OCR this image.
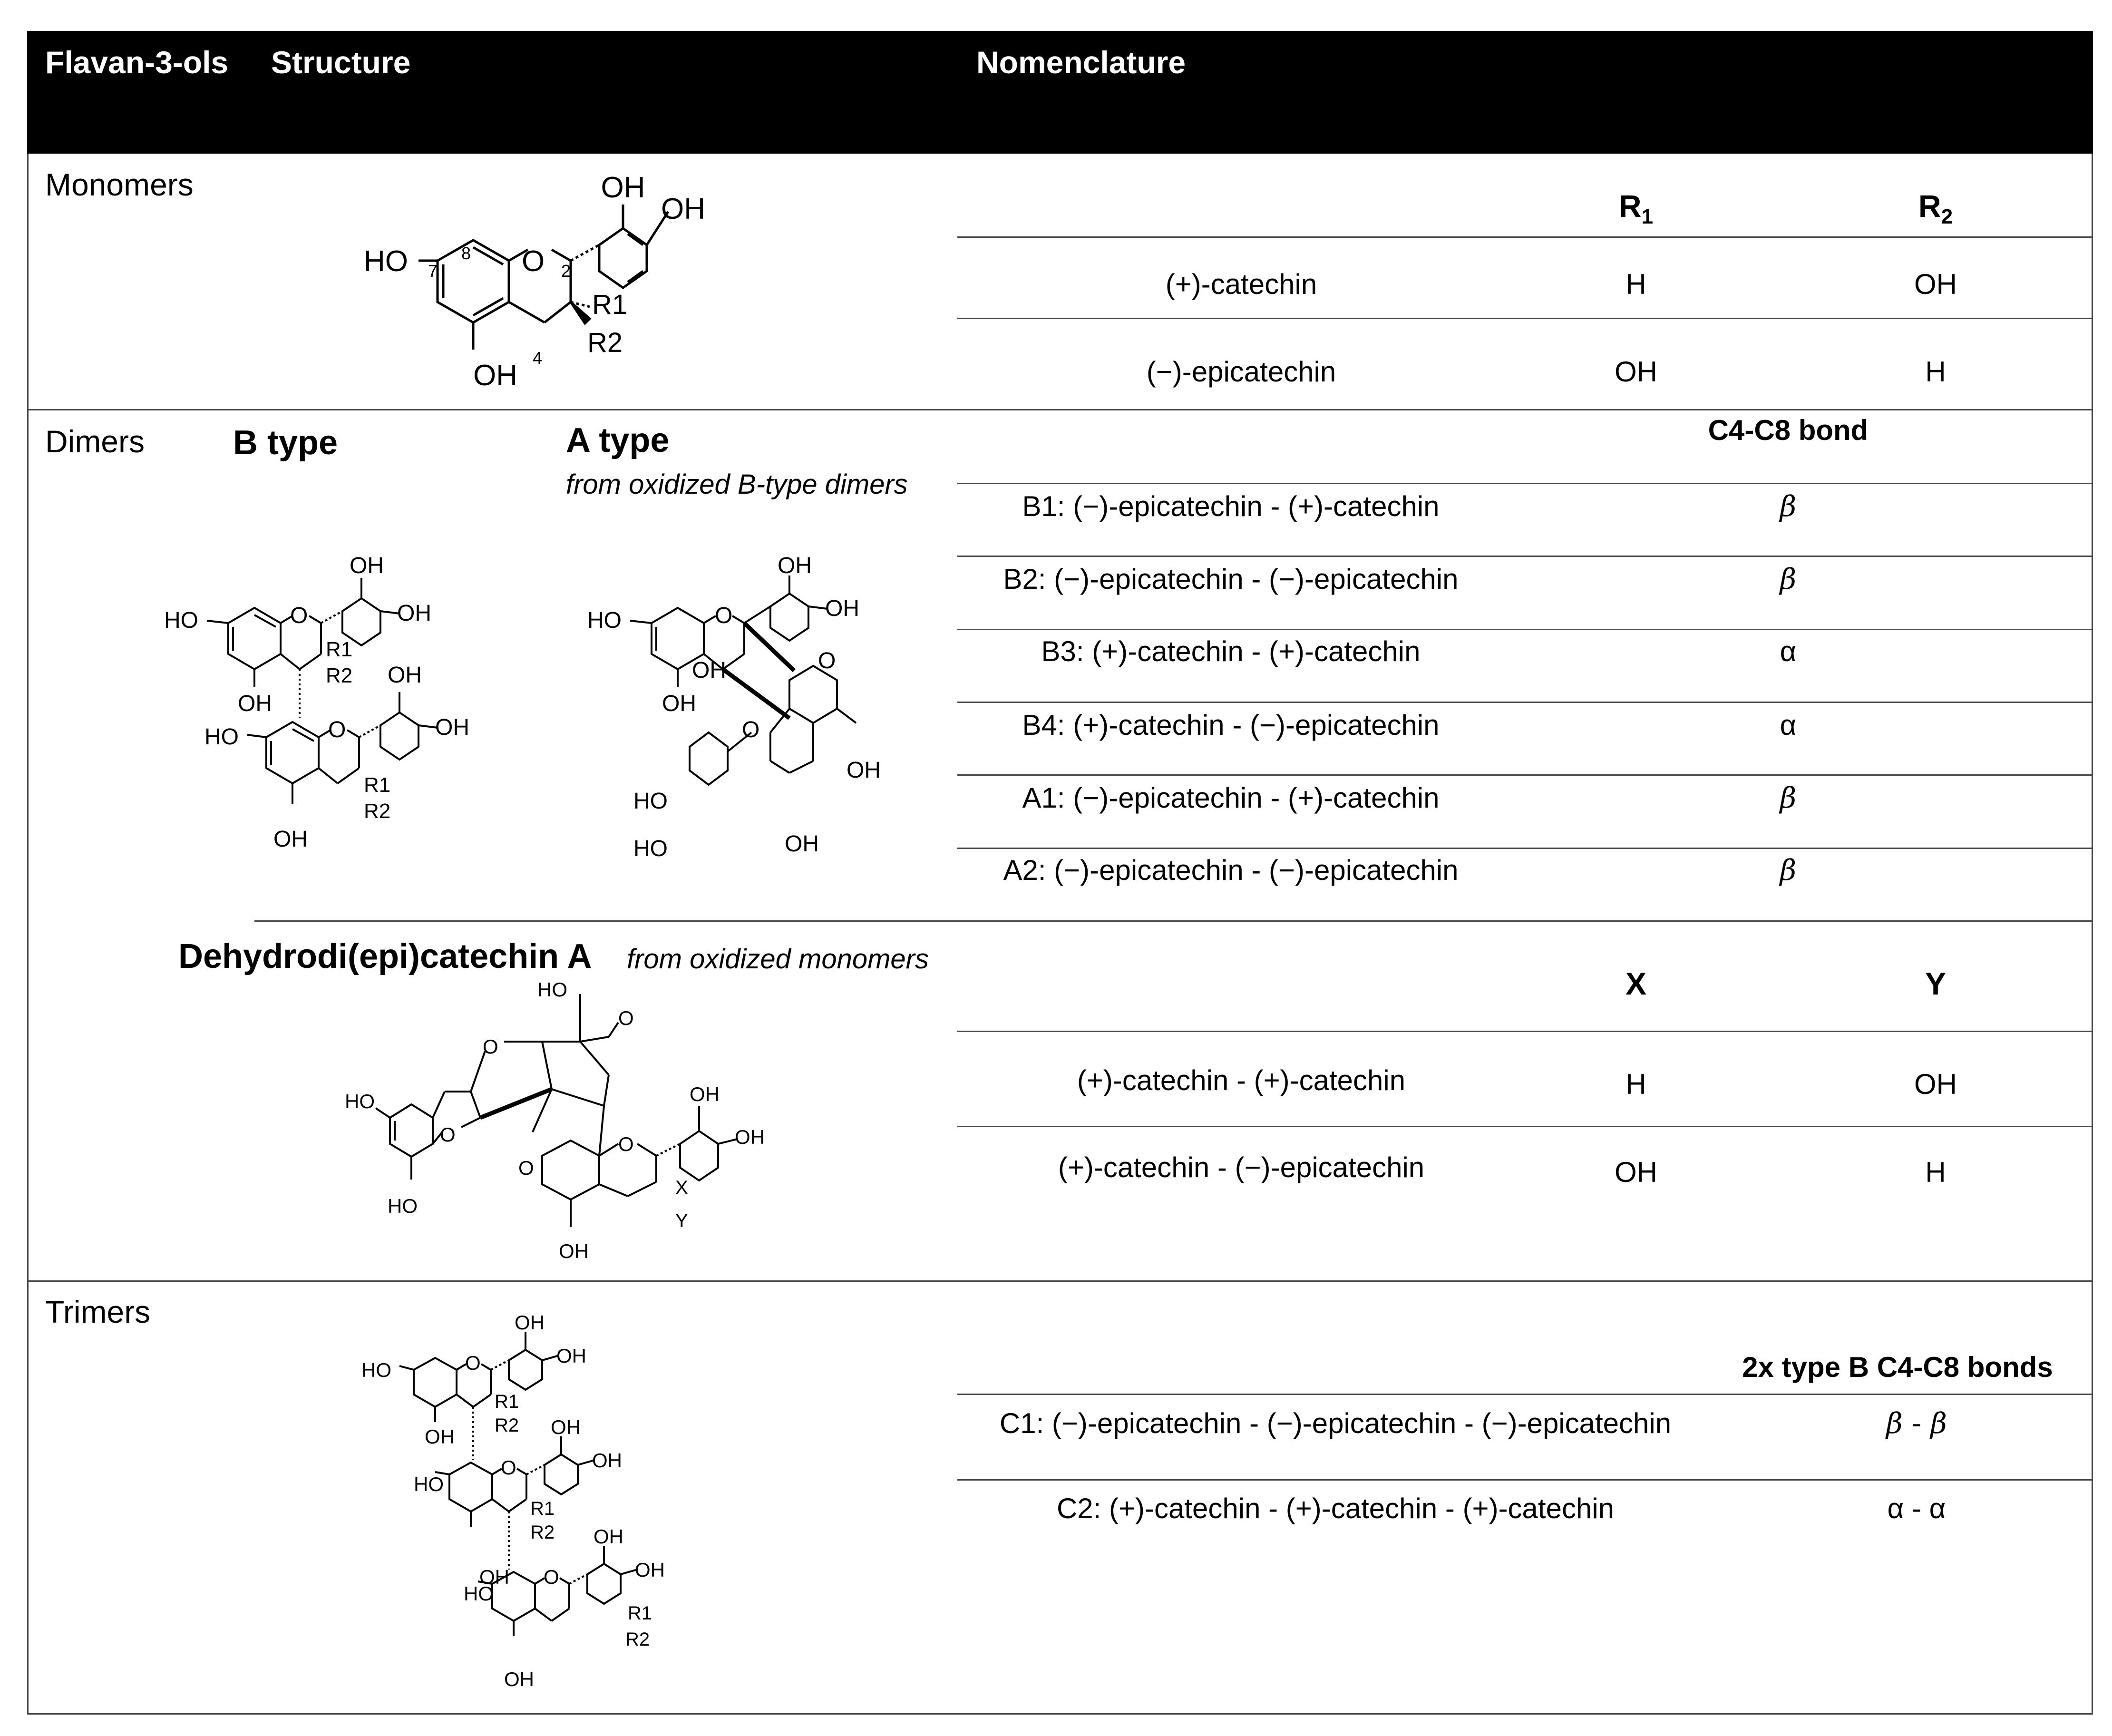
Flavan-3-ols Structure	Nomenclature
Monomers
$R_1$	$R_2$
(+)-catechin	H	OH
(−)-epicatechin	OH	H
HO	O
OH
OH
OH
R1
R2
7
8
2
4
Dimers	B type	A type
from oxidized B-type dimers
C4-C8 bond
B1: (−)-epicatechin - (+)-catechin	β
B2: (−)-epicatechin - (−)-epicatechin	β
B3: (+)-catechin - (+)-catechin	α
B4: (+)-catechin - (−)-epicatechin	α
A1: (−)-epicatechin - (+)-catechin	β
A2: (−)-epicatechin - (−)-epicatechin	β
HO	O
OH
OH
OH
R1
R2
HO	O
OH
OH
OH
R1
R2
HO	O
OH
OH
OH
OH	O
O
OH
HO
HO	OH
Dehydrodi(epi)catechin A from oxidized monomers
X	Y
(+)-catechin - (+)-catechin	H	OH
(+)-catechin - (−)-epicatechin	OH	H
HO
HO
O
O
O
HO
O
O
OH
OH
OH
X
Y
Trimers
2x type B C4-C8 bonds
C1: (−)-epicatechin - (−)-epicatechin - (−)-epicatechin	β - β
C2: (+)-catechin - (+)-catechin - (+)-catechin	α - α
HO	O
OH
OH
OH
R1
R2
HO
O
OH
OH
OH
R1
R2
HO
O
OH
OH
OH
R1
R2
